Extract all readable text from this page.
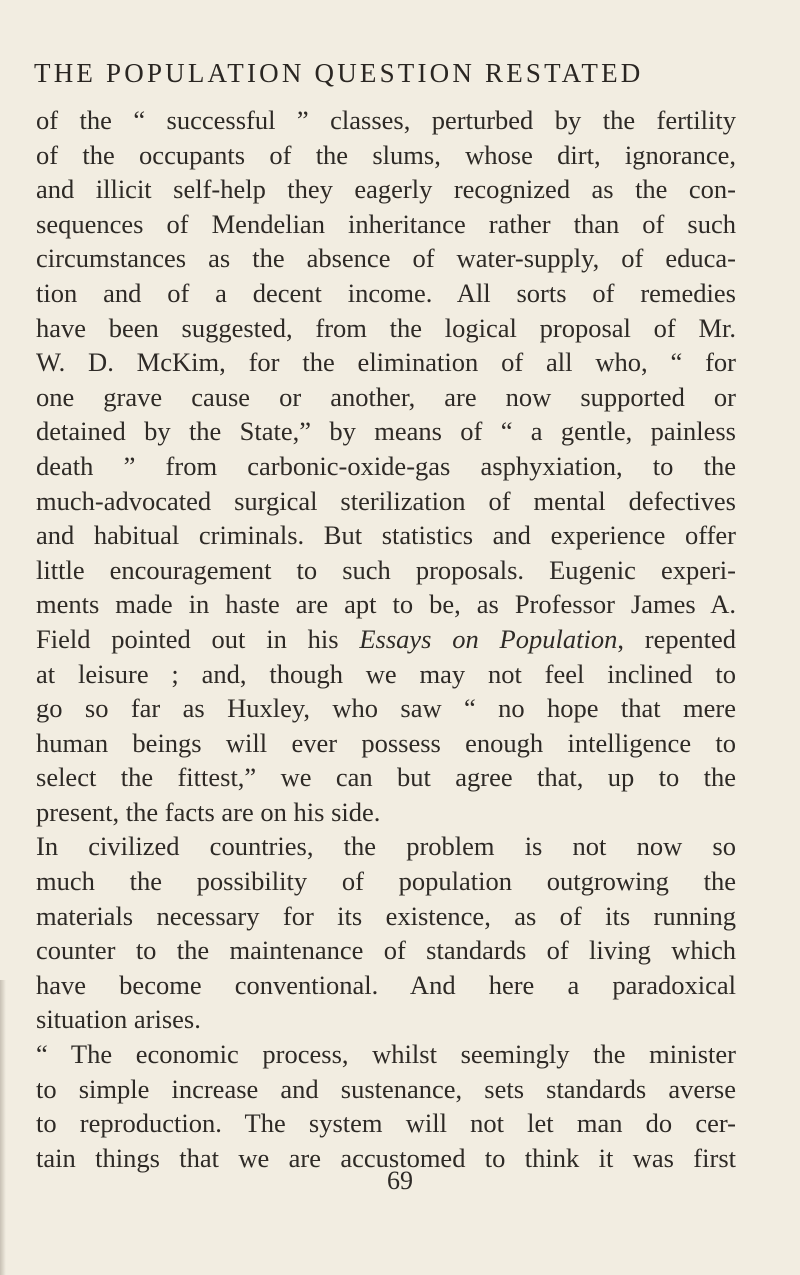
THE POPULATION QUESTION RESTATED
of the “ successful ” classes, perturbed by the fertility
of the occupants of the slums, whose dirt, ignorance,
and illicit self-help they eagerly recognized as the con-
sequences of Mendelian inheritance rather than of such
circumstances as the absence of water-supply, of educa-
tion and of a decent income. All sorts of remedies
have been suggested, from the logical proposal of Mr.
W. D. McKim, for the elimination of all who, “ for
one grave cause or another, are now supported or
detained by the State,” by means of “ a gentle, painless
death ” from carbonic-oxide-gas asphyxiation, to the
much-advocated surgical sterilization of mental defectives
and habitual criminals. But statistics and experience offer
little encouragement to such proposals. Eugenic experi-
ments made in haste are apt to be, as Professor James A.
Field pointed out in his Essays on Population, repented
at leisure ; and, though we may not feel inclined to
go so far as Huxley, who saw “ no hope that mere
human beings will ever possess enough intelligence to
select the fittest,” we can but agree that, up to the
present, the facts are on his side.
In civilized countries, the problem is not now so
much the possibility of population outgrowing the
materials necessary for its existence, as of its running
counter to the maintenance of standards of living which
have become conventional. And here a paradoxical
situation arises.
“ The economic process, whilst seemingly the minister
to simple increase and sustenance, sets standards averse
to reproduction. The system will not let man do cer-
tain things that we are accustomed to think it was first
69
